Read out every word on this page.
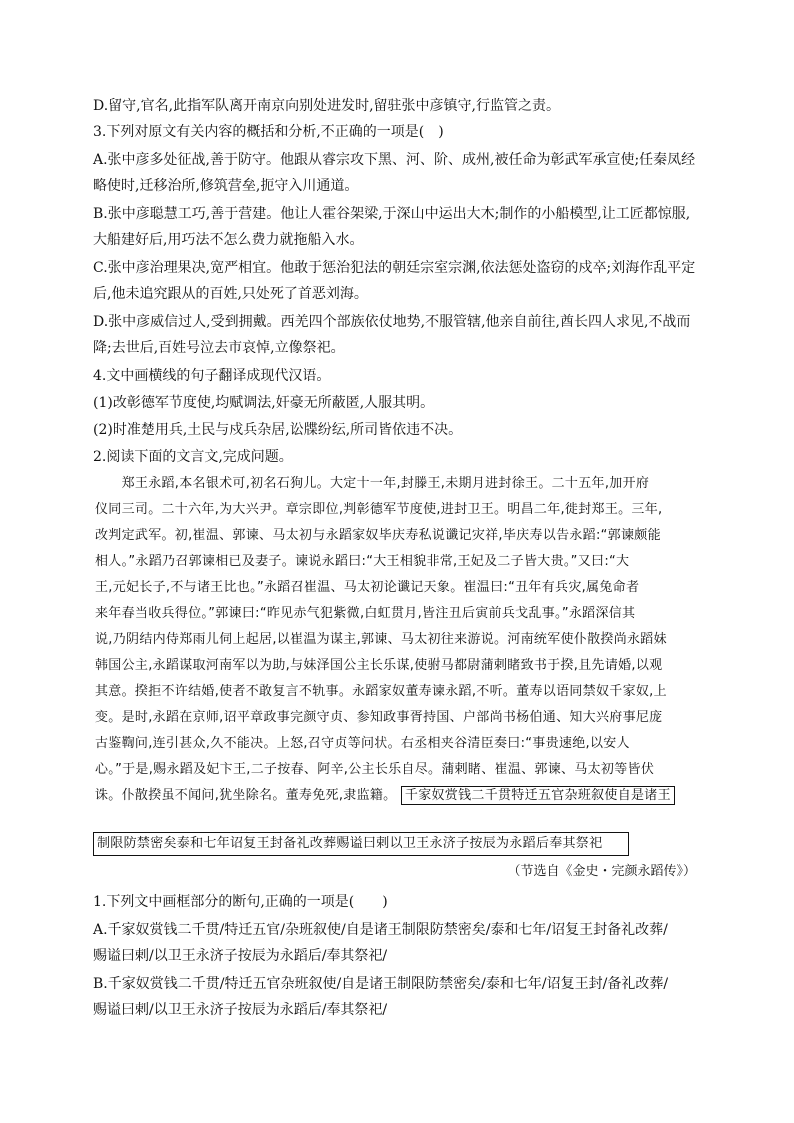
D.留守,官名,此指军队离开南京向别处进发时,留驻张中彦镇守,行监管之责。
3.下列对原文有关内容的概括和分析,不正确的一项是(　)
A.张中彦多处征战,善于防守。他跟从睿宗攻下黑、河、阶、成州,被任命为彰武军承宣使;任秦凤经
略使时,迁移治所,修筑营垒,扼守入川通道。
B.张中彦聪慧工巧,善于营建。他让人霍谷架梁,于深山中运出大木;制作的小船模型,让工匠都惊服,
大船建好后,用巧法不怎么费力就拖船入水。
C.张中彦治理果决,宽严相宜。他敢于惩治犯法的朝廷宗室宗渊,依法惩处盗窃的戍卒;刘海作乱平定
后,他未追究跟从的百姓,只处死了首恶刘海。
D.张中彦威信过人,受到拥戴。西羌四个部族依仗地势,不服管辖,他亲自前往,酋长四人求见,不战而
降;去世后,百姓号泣去市哀悼,立像祭祀。
4.文中画横线的句子翻译成现代汉语。
(1)改彰德军节度使,均赋调法,奸豪无所蔽匿,人服其明。
(2)时准楚用兵,土民与戍兵杂居,讼牒纷纭,所司皆依违不决。
2.阅读下面的文言文,完成问题。
　　郑王永蹈,本名银术可,初名石狗儿。大定十一年,封滕王,未期月进封徐王。二十五年,加开府
仪同三司。二十六年,为大兴尹。章宗即位,判彰德军节度使,进封卫王。明昌二年,徙封郑王。三年,
改判定武军。初,崔温、郭谏、马太初与永蹈家奴毕庆寿私说谶记灾祥,毕庆寿以告永蹈:“郭谏颇能
相人。”永蹈乃召郭谏相已及妻子。谏说永蹈曰:“大王相貌非常,王妃及二子皆大贵。”又曰:“大
王,元妃长子,不与诸王比也。”永蹈召崔温、马太初论谶记天象。崔温曰:“丑年有兵灾,属兔命者
来年春当收兵得位。”郭谏曰:“昨见赤气犯紫微,白虹贯月,皆注丑后寅前兵戈乱事。”永蹈深信其
说,乃阴结内侍郑雨儿伺上起居,以崔温为谋主,郭谏、马太初往来游说。河南统军使仆散揆尚永蹈妹
韩国公主,永蹈谋取河南军以为助,与妹泽国公主长乐谋,使驸马都尉蒲剌睹致书于揆,且先请婚,以观
其意。揆拒不许结婚,使者不敢复言不轨事。永蹈家奴董寿谏永蹈,不听。董寿以语同禁奴千家奴,上
变。是时,永蹈在京师,诏平章政事完颜守贞、参知政事胥持国、户部尚书杨伯通、知大兴府事尼庞
古鉴鞫问,连引甚众,久不能决。上怒,召守贞等问状。右丞相夹谷清臣奏曰:“事贵速绝,以安人
心。”于是,赐永蹈及妃卞王,二子按春、阿辛,公主长乐自尽。蒲剌睹、崔温、郭谏、马太初等皆伏
诛。仆散揆虽不闻问,犹坐除名。董寿免死,隶监籍。 千家奴赏钱二千贯特迁五官杂班叙使自是诸王
制限防禁密矣泰和七年诏复王封备礼改葬赐谥曰剌以卫王永济子按辰为永蹈后奉其祭祀
（节选自《金史・完颜永蹈传》）
1.下列文中画框部分的断句,正确的一项是(　　)
A.千家奴赏钱二千贯/特迁五官/杂班叙使/自是诸王制限防禁密矣/泰和七年/诏复王封备礼改葬/
赐谥曰剌/以卫王永济子按辰为永蹈后/奉其祭祀/
B.千家奴赏钱二千贯/特迁五官杂班叙使/自是诸王制限防禁密矣/泰和七年/诏复王封/备礼改葬/
赐谥曰剌/以卫王永济子按辰为永蹈后/奉其祭祀/
